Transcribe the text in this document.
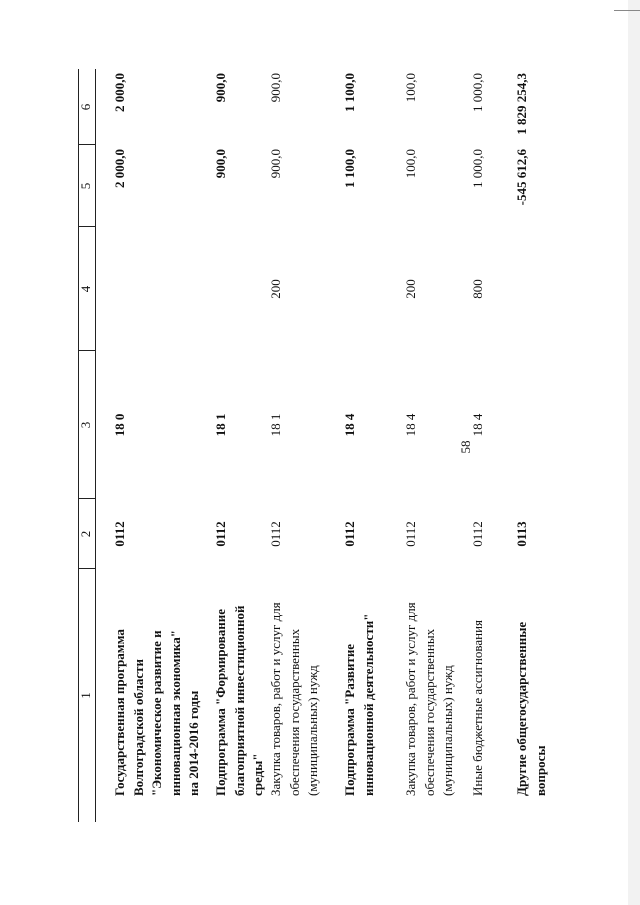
58
1
2
3
4
5
6
Государственная программа Волгоградской области "Экономическое развитие и инновационная экономика" на 2014-2016 годы
0112
18 0
2 000,0
2 000,0
Подпрограмма "Формирование благоприятной инвестиционной среды"
0112
18 1
900,0
900,0
Закупка товаров, работ и услуг для обеспечения государственных (муниципальных) нужд
0112
18 1
200
900,0
900,0
Подпрограмма "Развитие инновационной деятельности"
0112
18 4
1 100,0
1 100,0
Закупка товаров, работ и услуг для обеспечения государственных (муниципальных) нужд
0112
18 4
200
100,0
100,0
Иные бюджетные ассигнования
0112
18 4
800
1 000,0
1 000,0
Другие общегосударственные вопросы
0113
-545 612,6
1 829 254,3
